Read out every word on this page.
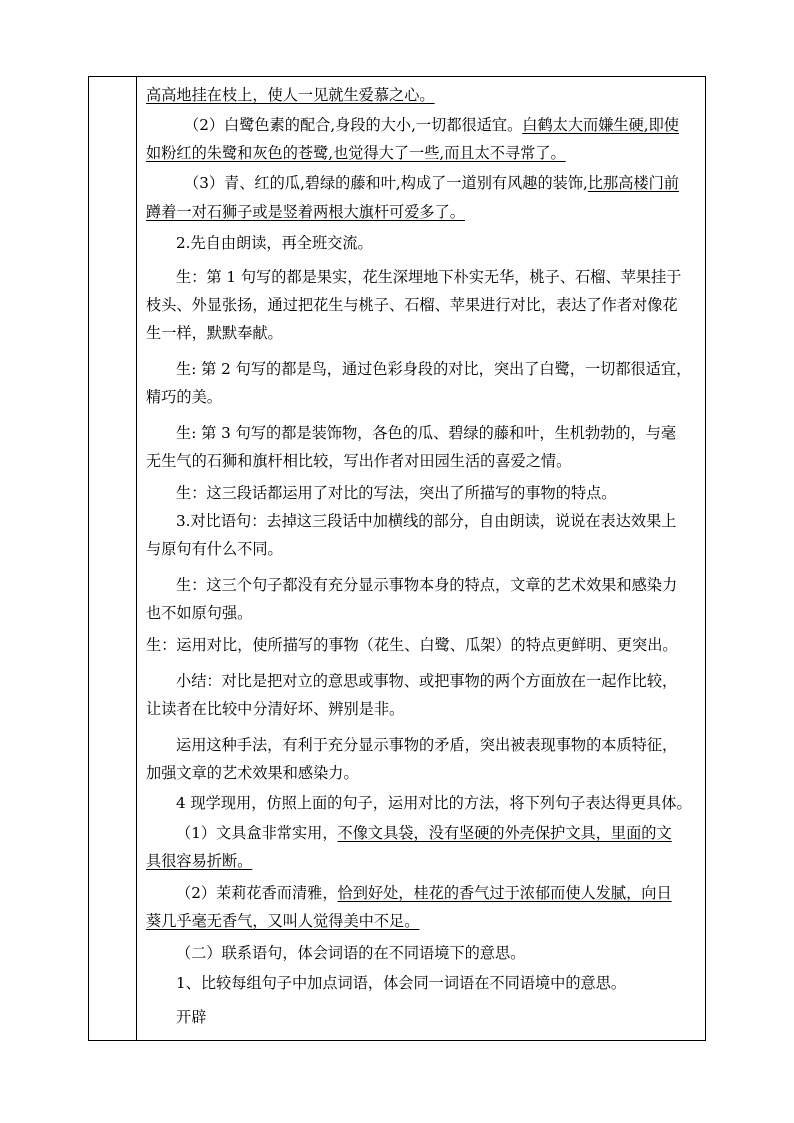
高高地挂在枝上，使人一见就生爱慕之心。
（2）白鹭色素的配合,身段的大小,一切都很适宜。白鹤太大而嫌生硬,即使
如粉红的朱鹭和灰色的苍鹭,也觉得大了一些,而且太不寻常了。
（3）青、红的瓜,碧绿的藤和叶,构成了一道别有风趣的装饰,比那高楼门前
蹲着一对石狮子或是竖着两根大旗杆可爱多了。
2.先自由朗读，再全班交流。
生：第 1 句写的都是果实，花生深埋地下朴实无华，桃子、石榴、苹果挂于
枝头、外显张扬，通过把花生与桃子、石榴、苹果进行对比，表达了作者对像花
生一样，默默奉献。
生: 第 2 句写的都是鸟，通过色彩身段的对比，突出了白鹭，一切都很适宜，
精巧的美。
生: 第 3 句写的都是装饰物，各色的瓜、碧绿的藤和叶，生机勃勃的，与毫
无生气的石狮和旗杆相比较，写出作者对田园生活的喜爱之情。
生：这三段话都运用了对比的写法，突出了所描写的事物的特点。
3.对比语句：去掉这三段话中加横线的部分，自由朗读，说说在表达效果上
与原句有什么不同。
生：这三个句子都没有充分显示事物本身的特点，文章的艺术效果和感染力
也不如原句强。
生：运用对比，使所描写的事物（花生、白鹭、瓜架）的特点更鲜明、更突出。
小结：对比是把对立的意思或事物、或把事物的两个方面放在一起作比较，
让读者在比较中分清好坏、辨别是非。
运用这种手法，有利于充分显示事物的矛盾，突出被表现事物的本质特征，
加强文章的艺术效果和感染力。
4 现学现用，仿照上面的句子，运用对比的方法，将下列句子表达得更具体。
（1）文具盒非常实用，不像文具袋，没有坚硬的外壳保护文具，里面的文
具很容易折断。
（2）茉莉花香而清雅，恰到好处，桂花的香气过于浓郁而使人发腻，向日
葵几乎毫无香气，又叫人觉得美中不足。
（二）联系语句，体会词语的在不同语境下的意思。
1、比较每组句子中加点词语，体会同一词语在不同语境中的意思。
开辟
